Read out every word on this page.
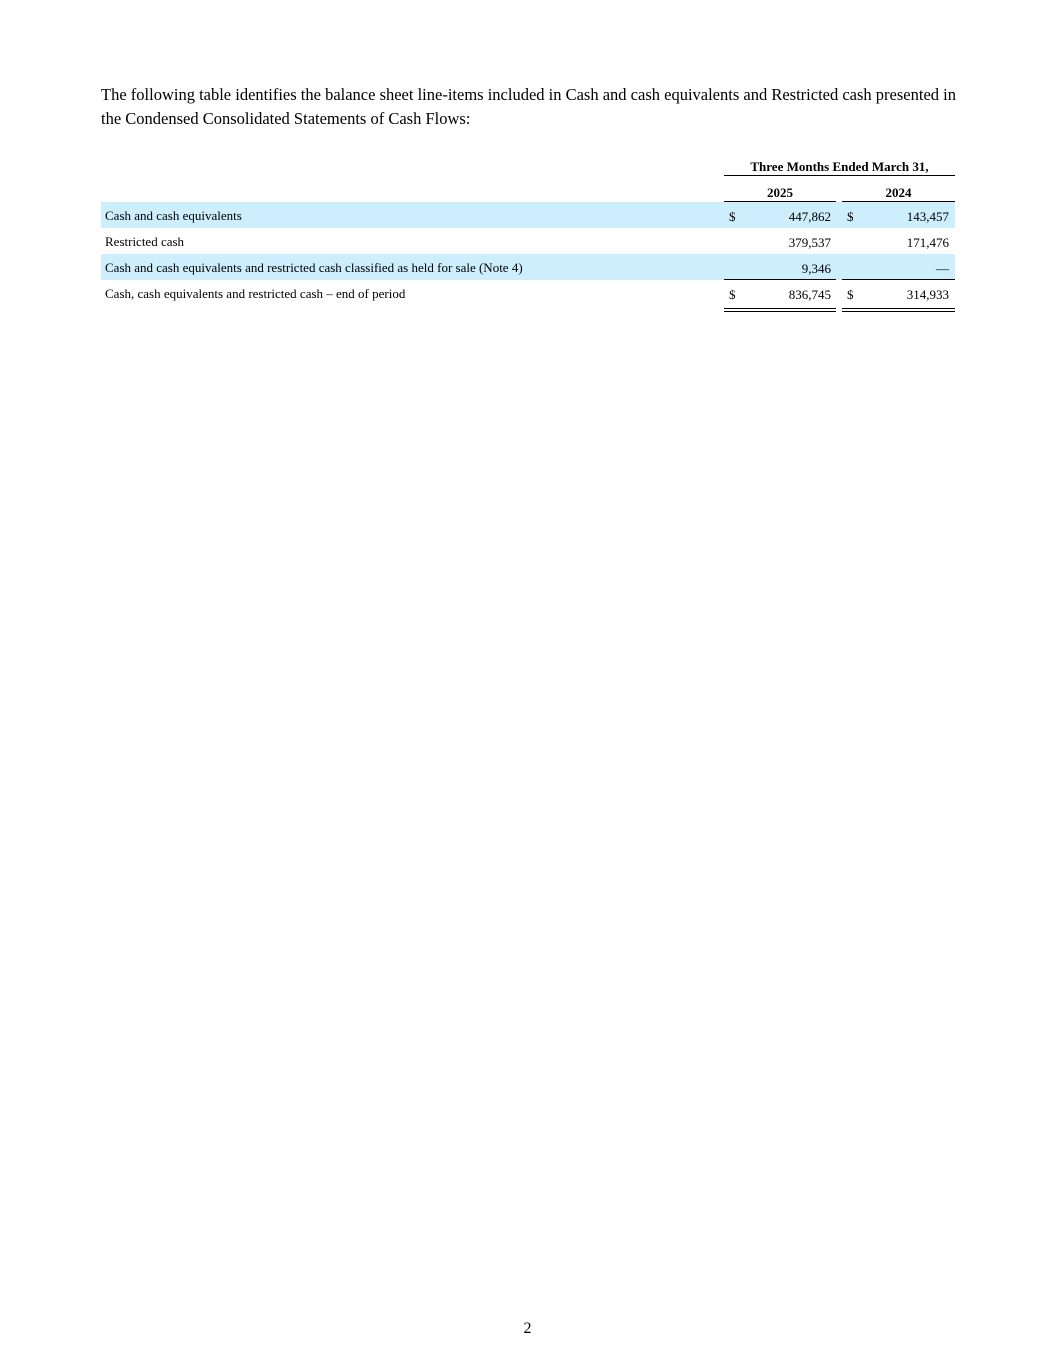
The following table identifies the balance sheet line-items included in Cash and cash equivalents and Restricted cash presented in the Condensed Consolidated Statements of Cash Flows:

Three Months Ended March 31,
2025	2024
Cash and cash equivalents	$	447,862 $	143,457
Restricted cash	379,537	171,476
Cash and cash equivalents and restricted cash classified as held for sale (Note 4)	9,346	—
Cash, cash equivalents and restricted cash – end of period	$	836,745 $	314,933
2
